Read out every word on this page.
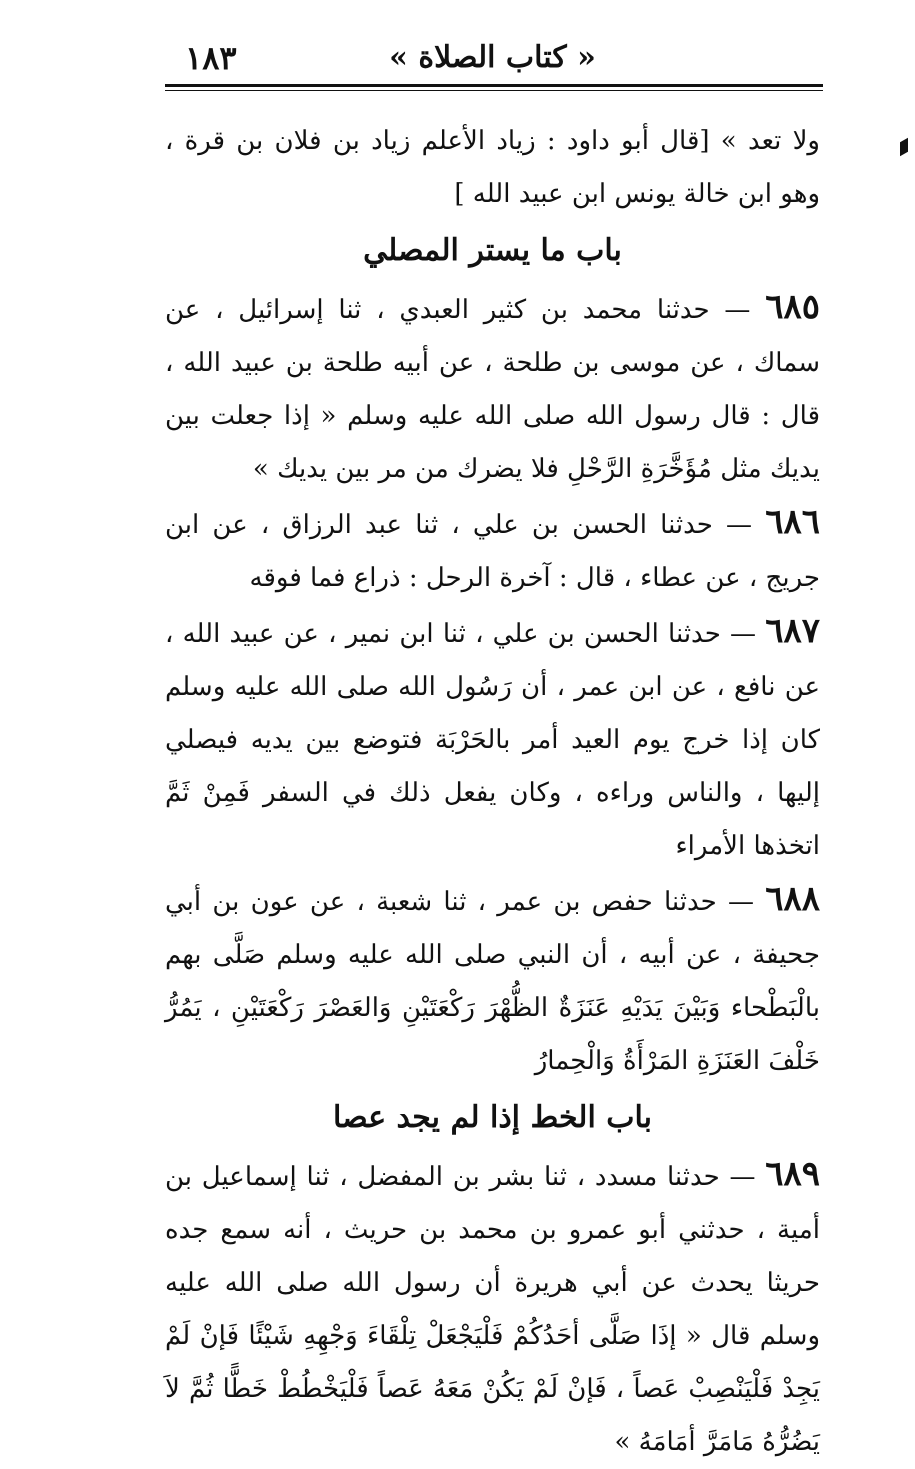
١٨٣	« كتاب الصلاة »

ولا تعد » [قال أبو داود : زياد الأعلم زياد بن فلان بن قرة ، وهو ابن خالة يونس ابن عبيد الله ]

باب ما يستر المصلي

٦٨٥ — حدثنا محمد بن كثير العبدي ، ثنا إسرائيل ، عن سماك ، عن موسى بن طلحة ، عن أبيه طلحة بن عبيد الله ، قال : قال رسول الله صلى الله عليه وسلم « إذا جعلت بين يديك مثل مُؤَخَّرَةِ الرَّحْلِ فلا يضرك من مر بين يديك »

٦٨٦ — حدثنا الحسن بن علي ، ثنا عبد الرزاق ، عن ابن جريج ، عن عطاء ، قال : آخرة الرحل : ذراع فما فوقه

٦٨٧ — حدثنا الحسن بن علي ، ثنا ابن نمير ، عن عبيد الله ، عن نافع ، عن ابن عمر ، أن رَسُول الله صلى الله عليه وسلم كان إذا خرج يوم العيد أمر بالحَرْبَة فتوضع بين يديه فيصلي إليها ، والناس وراءه ، وكان يفعل ذلك في السفر فَمِنْ ثَمَّ اتخذها الأمراء

٦٨٨ — حدثنا حفص بن عمر ، ثنا شعبة ، عن عون بن أبي جحيفة ، عن أبيه ، أن النبي صلى الله عليه وسلم صَلَّى بهم بالْبَطْحاء وَبَيْنَ يَدَيْهِ عَنَزَةٌ الظُّهْرَ رَكْعَتَيْنِ وَالعَصْرَ رَكْعَتَيْنِ ، يَمُرُّ خَلْفَ العَنَزَةِ المَرْأَةُ وَالْحِمارُ

باب الخط إذا لم يجد عصا

٦٨٩ — حدثنا مسدد ، ثنا بشر بن المفضل ، ثنا إسماعيل بن أمية ، حدثني أبو عمرو بن محمد بن حريث ، أنه سمع جده حريثا يحدث عن أبي هريرة أن رسول الله صلى الله عليه وسلم قال « إذَا صَلَّى أحَدُكُمْ فَلْيَجْعَلْ تِلْقَاءَ وَجْهِهِ شَيْئًا فَإنْ لَمْ يَجِدْ فَلْيَنْصِبْ عَصاً ، فَإنْ لَمْ يَكُنْ مَعَهُ عَصاً فَلْيَخْطُطْ خَطًّا ثُمَّ لاَ يَضُرُّهُ مَامَرَّ أمَامَهُ »
